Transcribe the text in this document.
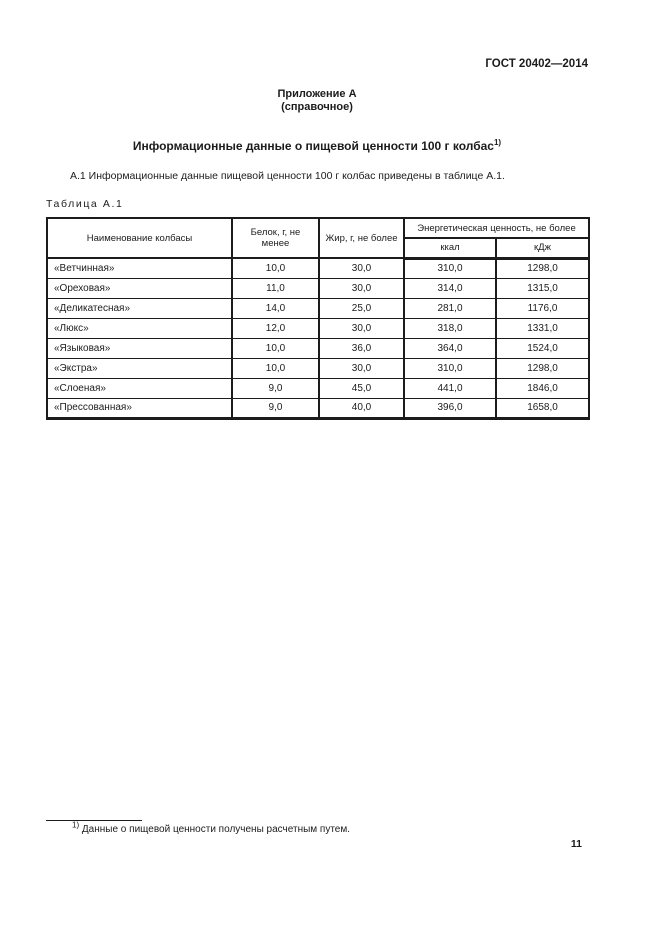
ГОСТ 20402—2014
Приложение А
(справочное)
Информационные данные о пищевой ценности 100 г колбас$^{1)}$
А.1 Информационные данные пищевой ценности 100 г колбас приведены в таблице А.1.
Таблица А.1
Наименование колбасы	Белок, г, не менее	Жир, г, не более	Энергетическая ценность, не более	
			ккал	кДж
«Ветчинная»	10,0	30,0	310,0	1298,0
«Ореховая»	11,0	30,0	314,0	1315,0
«Деликатесная»	14,0	25,0	281,0	1176,0
«Люкс»	12,0	30,0	318,0	1331,0
«Языковая»	10,0	36,0	364,0	1524,0
«Экстра»	10,0	30,0	310,0	1298,0
«Слоеная»	9,0	45,0	441,0	1846,0
«Прессованная»	9,0	40,0	396,0	1658,0
$^{1)}$ Данные о пищевой ценности получены расчетным путем.
11
